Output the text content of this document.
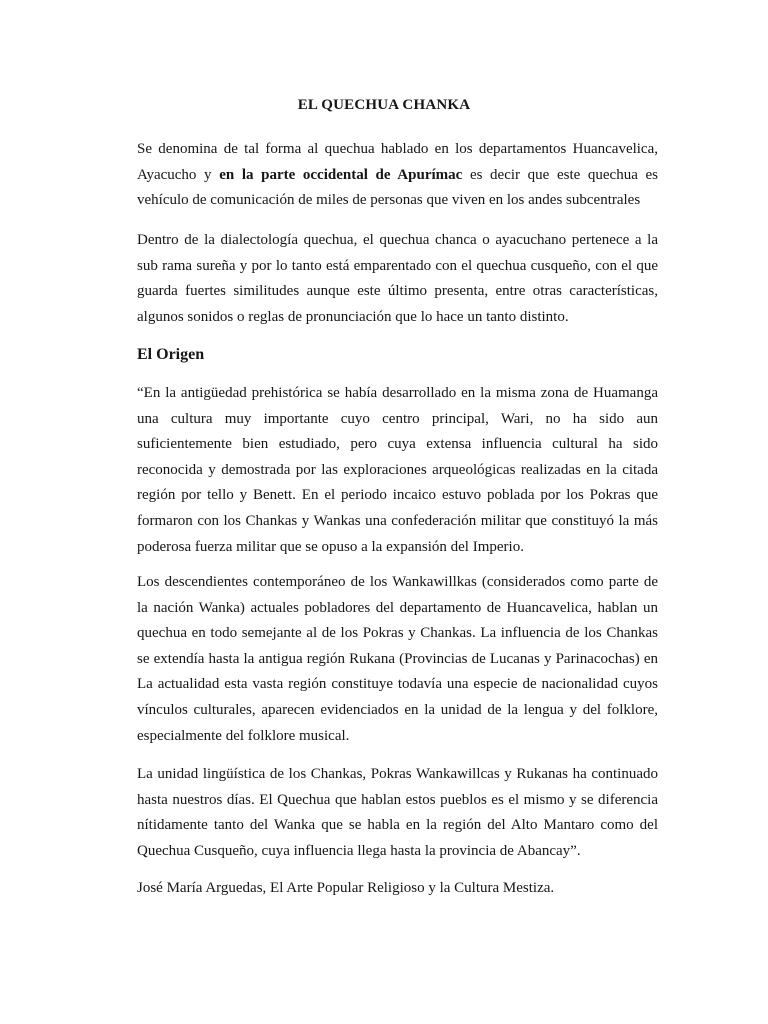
EL QUECHUA CHANKA

Se denomina de tal forma al quechua hablado en los departamentos Huancavelica, Ayacucho y en la parte occidental de Apurímac es decir que este quechua es vehículo de comunicación de miles de personas que viven en los andes subcentrales

Dentro de la dialectología quechua, el quechua chanca o ayacuchano pertenece a la sub rama sureña y por lo tanto está emparentado con el quechua cusqueño, con el que guarda fuertes similitudes aunque este último presenta, entre otras características, algunos sonidos o reglas de pronunciación que lo hace un tanto distinto.

El Origen

“En la antigüedad prehistórica se había desarrollado en la misma zona de Huamanga una cultura muy importante cuyo centro principal, Wari, no ha sido aun suficientemente bien estudiado, pero cuya extensa influencia cultural ha sido reconocida y demostrada por las exploraciones arqueológicas realizadas en la citada región por tello y Benett. En el periodo incaico estuvo poblada por los Pokras que formaron con los Chankas y Wankas una confederación militar que constituyó la más poderosa fuerza militar que se opuso a la expansión del Imperio.

Los descendientes contemporáneo de los Wankawillkas (considerados como parte de la nación Wanka) actuales pobladores del departamento de Huancavelica, hablan un quechua en todo semejante al de los Pokras y Chankas. La influencia de los Chankas se extendía hasta la antigua región Rukana (Provincias de Lucanas y Parinacochas) en La actualidad esta vasta región constituye todavía una especie de nacionalidad cuyos vínculos culturales, aparecen evidenciados en la unidad de la lengua y del folklore, especialmente del folklore musical.

La unidad lingüística de los Chankas, Pokras Wankawillcas y Rukanas ha continuado hasta nuestros días. El Quechua que hablan estos pueblos es el mismo y se diferencia nítidamente tanto del Wanka que se habla en la región del Alto Mantaro como del Quechua Cusqueño, cuya influencia llega hasta la provincia de Abancay”.

José María Arguedas, El Arte Popular Religioso y la Cultura Mestiza.
